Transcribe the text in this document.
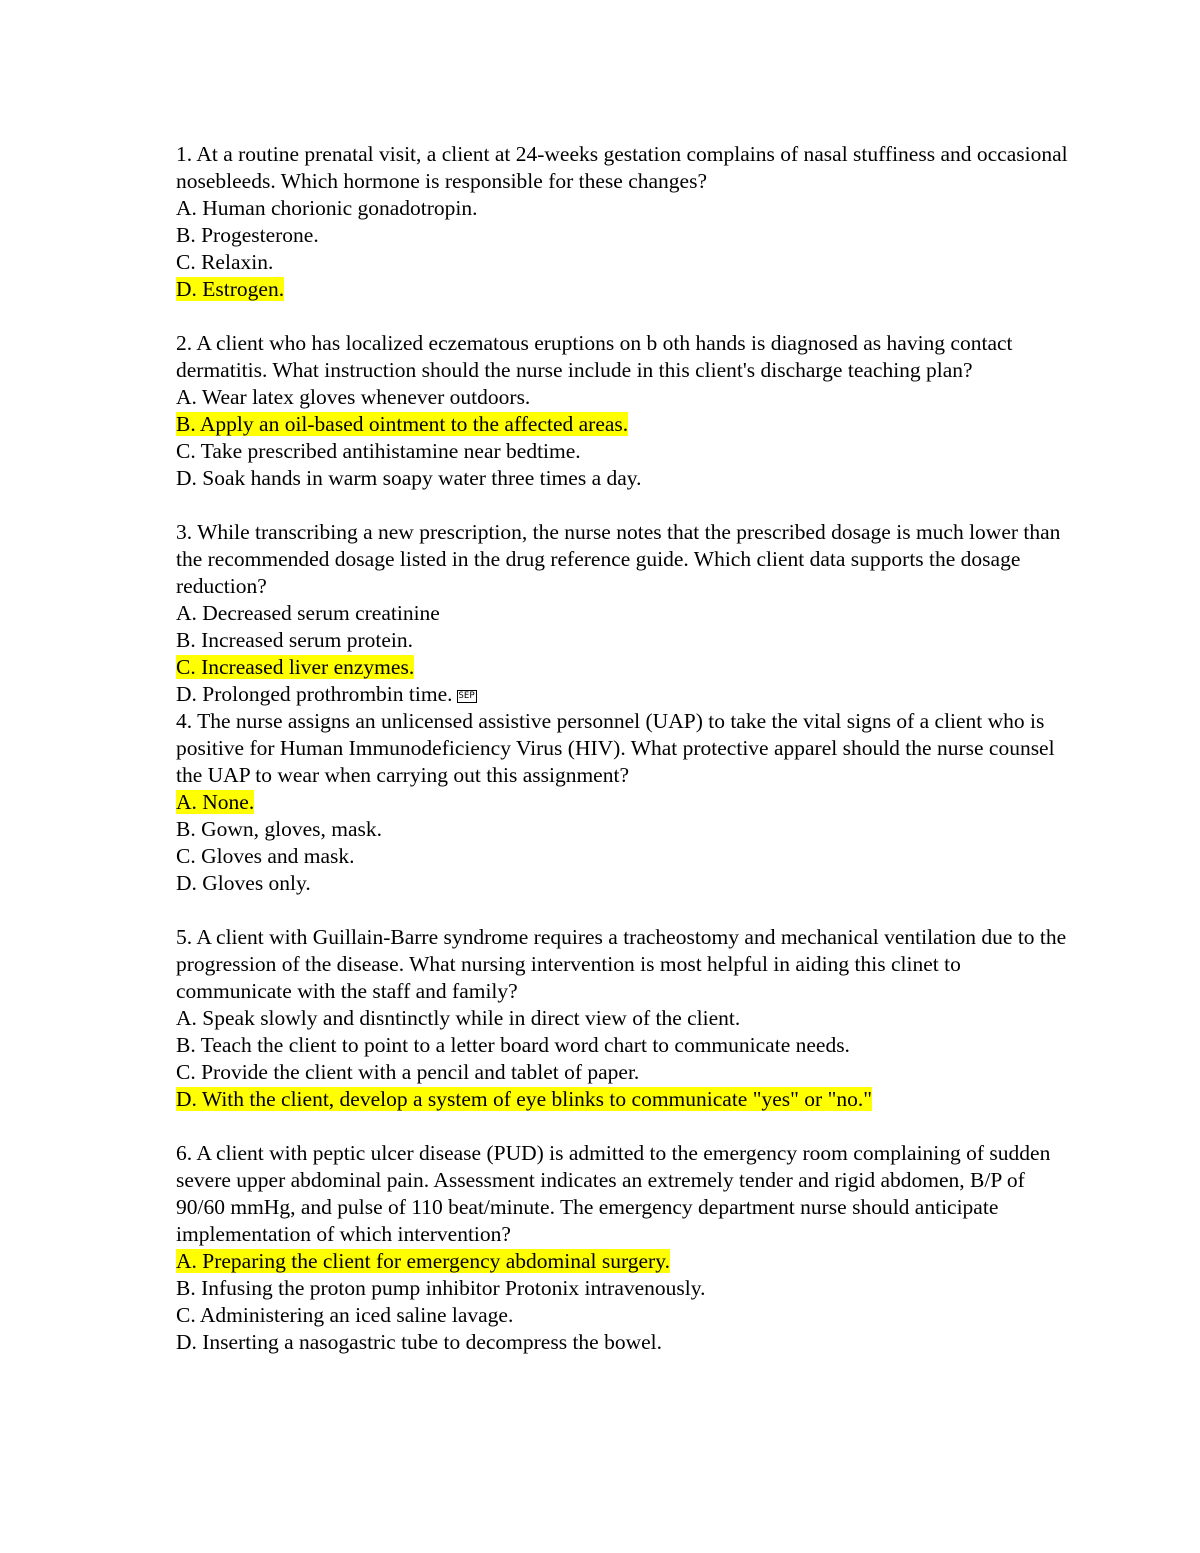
1. At a routine prenatal visit, a client at 24-weeks gestation complains of nasal stuffiness and occasional nosebleeds. Which hormone is responsible for these changes?

A. Human chorionic gonadotropin.

B. Progesterone.

C. Relaxin.

D. Estrogen.

2. A client who has localized eczematous eruptions on b oth hands is diagnosed as having contact dermatitis. What instruction should the nurse include in this client's discharge teaching plan?

A. Wear latex gloves whenever outdoors.

B. Apply an oil-based ointment to the affected areas.

C. Take prescribed antihistamine near bedtime.

D. Soak hands in warm soapy water three times a day.

3. While transcribing a new prescription, the nurse notes that the prescribed dosage is much lower than the recommended dosage listed in the drug reference guide. Which client data supports the dosage reduction?

A. Decreased serum creatinine

B. Increased serum protein.

C. Increased liver enzymes.

D. Prolonged prothrombin time. SEP

4. The nurse assigns an unlicensed assistive personnel (UAP) to take the vital signs of a client who is positive for Human Immunodeficiency Virus (HIV). What protective apparel should the nurse counsel the UAP to wear when carrying out this assignment?

A. None.

B. Gown, gloves, mask.

C. Gloves and mask.

D. Gloves only.

5. A client with Guillain-Barre syndrome requires a tracheostomy and mechanical ventilation due to the progression of the disease. What nursing intervention is most helpful in aiding this clinet to communicate with the staff and family?

A. Speak slowly and disntinctly while in direct view of the client.

B. Teach the client to point to a letter board word chart to communicate needs.

C. Provide the client with a pencil and tablet of paper.

D. With the client, develop a system of eye blinks to communicate "yes" or "no."

6. A client with peptic ulcer disease (PUD) is admitted to the emergency room complaining of sudden severe upper abdominal pain. Assessment indicates an extremely tender and rigid abdomen, B/P of 90/60 mmHg, and pulse of 110 beat/minute. The emergency department nurse should anticipate implementation of which intervention?

A. Preparing the client for emergency abdominal surgery.

B. Infusing the proton pump inhibitor Protonix intravenously.

C. Administering an iced saline lavage.

D. Inserting a nasogastric tube to decompress the bowel.
